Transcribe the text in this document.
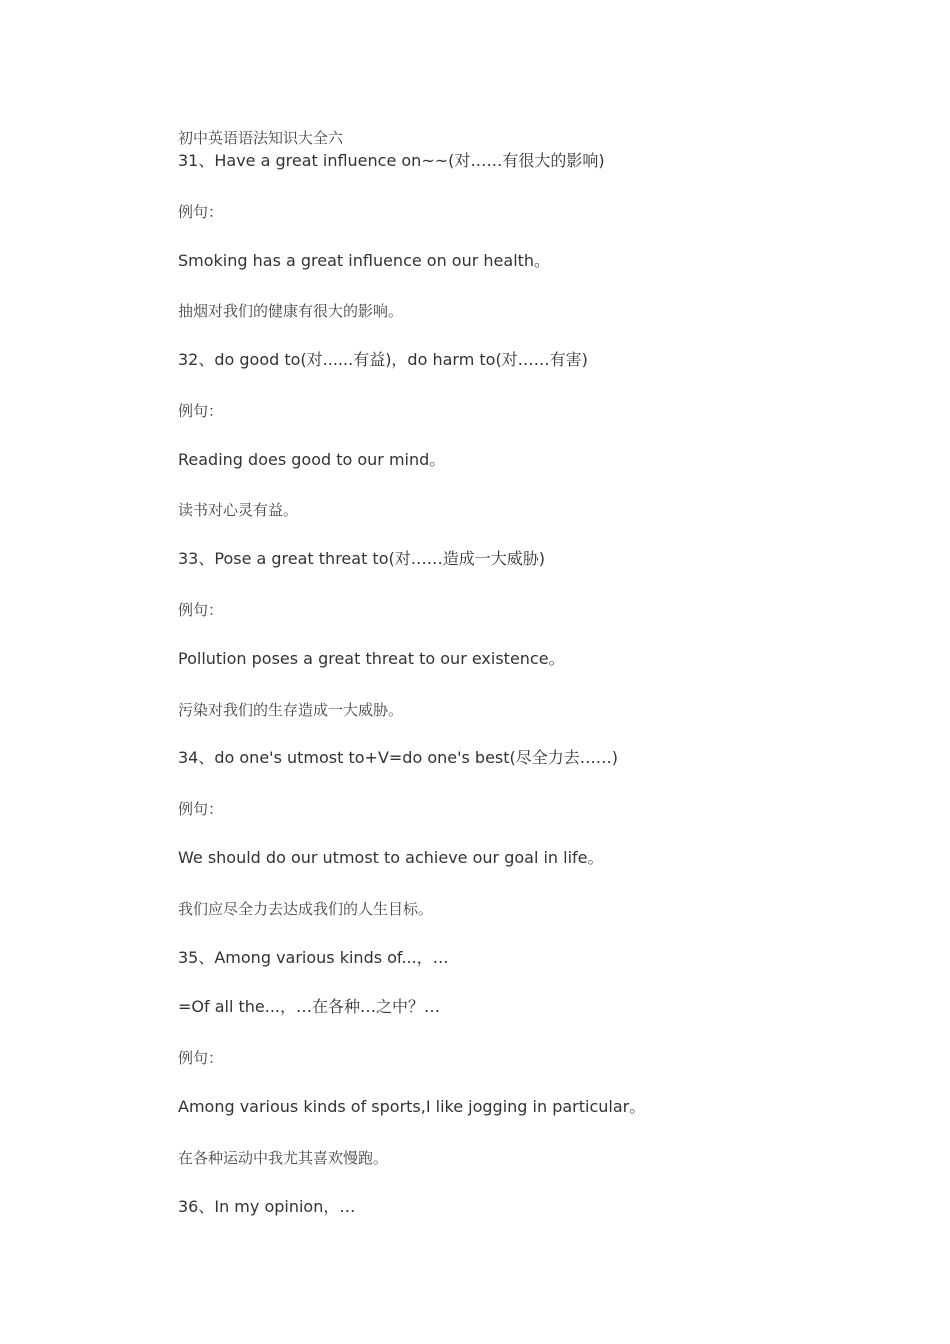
初中英语语法知识大全六
31、Have a great influence on~~(对……有很大的影响)
例句：
Smoking has a great influence on our health。
抽烟对我们的健康有很大的影响。
32、do good to(对......有益)，do harm to(对……有害)
例句：
Reading does good to our mind。
读书对心灵有益。
33、Pose a great threat to(对……造成一大威胁)
例句：
Pollution poses a great threat to our existence。
污染对我们的生存造成一大威胁。
34、do one's utmost to+V=do one's best(尽全力去……)
例句：
We should do our utmost to achieve our goal in life。
我们应尽全力去达成我们的人生目标。
35、Among various kinds of...，…
=Of all the...，…在各种…之中？…
例句：
Among various kinds of sports,I like jogging in particular。
在各种运动中我尤其喜欢慢跑。
36、In my opinion，…
